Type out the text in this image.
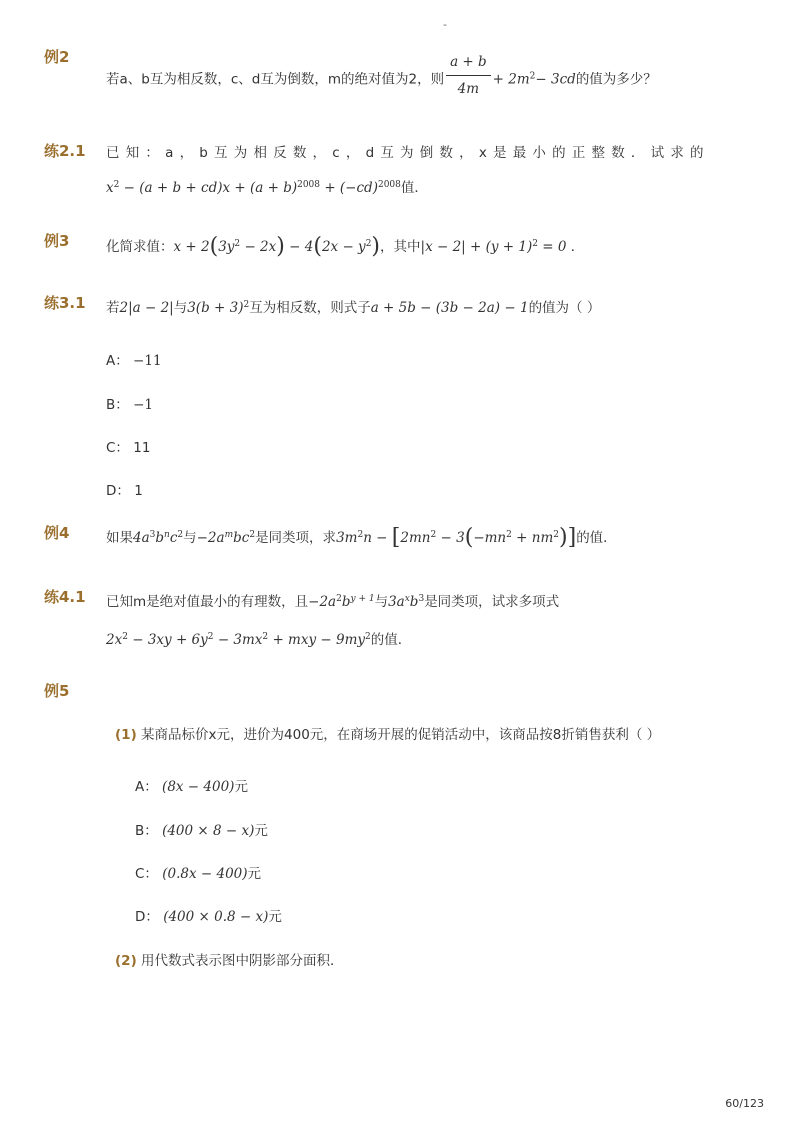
-
例2
若a、b互为相反数，c、d互为倒数，m的绝对值为2，则 $\frac{a + b}{4m} + 2m^2- 3cd$的值为多少？
练2.1 已知：a，b互为相反数，c，d互为倒数，x是最小的正整数．试求的
$x^2 - (a + b + cd)x + (a + b)^{2008} + (-cd)^{2008}$值．
例3	化简求值：$x + 2(3y^2 - 2x) - 4(2x - y^2)$，其中$|x - 2| + (y + 1)^2 = 0$ ．
练3.1 若2|a − 2|与$3(b + 3)^2$互为相反数，则式子a + 5b − (3b − 2a) − 1的值为（ ）
A： −11
B： −1
C： 11
D： 1
例4	如果$4a^3b^nc^2$与$-2a^mbc^2$是同类项，求$3m^2n - [2mn^2 - 3(-mn^2 + nm^2)]$的值．
练4.1 已知m是绝对值最小的有理数，且$-2a^2b^{y + 1}$与$3a^xb^3$是同类项，试求多项式
$2x^2 - 3xy + 6y^2 - 3mx^2$ + mxy − $9my^2$的值．
例5
(1) 某商品标价x元，进价为400元，在商场开展的促销活动中，该商品按8折销售获利（ ）
A： (8x − 400)元
B： (400 × 8 − x)元
C： (0.8x − 400)元
D： (400 × 0.8 − x)元
(2) 用代数式表示图中阴影部分面积．
60/123
